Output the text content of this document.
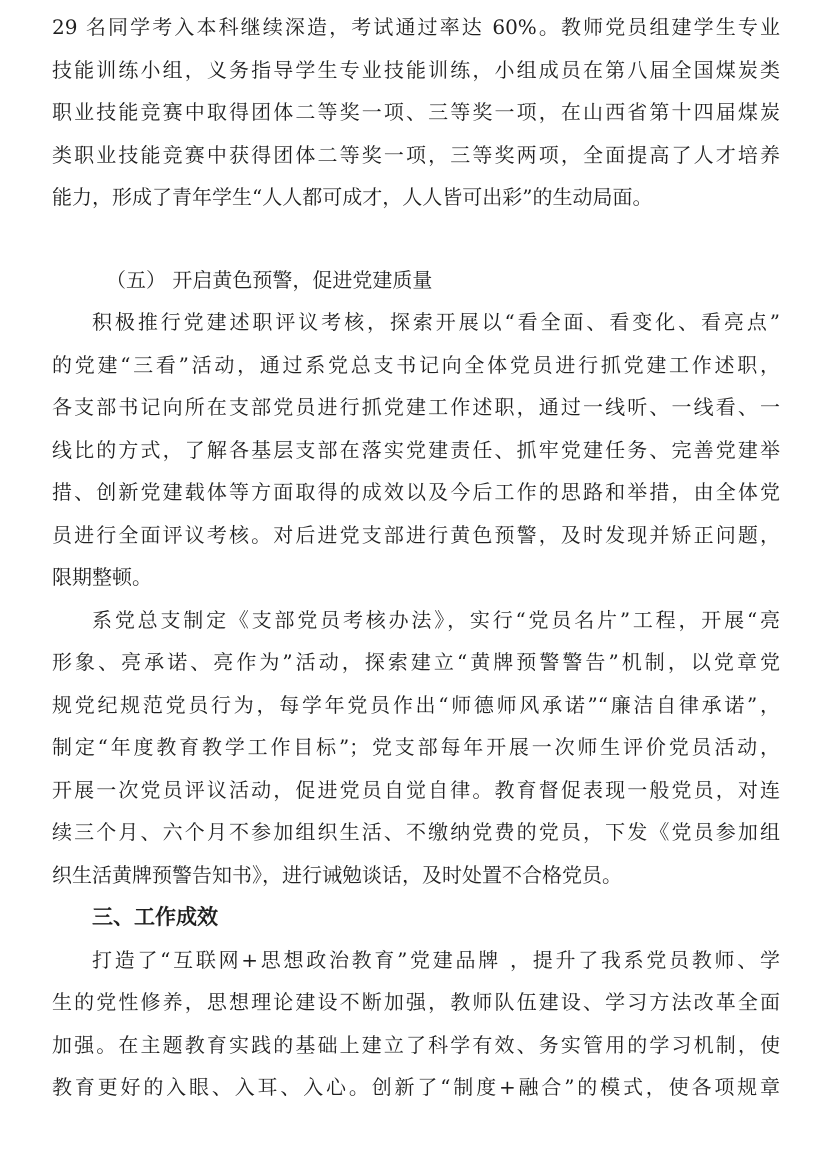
29 名同学考入本科继续深造，考试通过率达 60%。教师党员组建学生专业
技能训练小组，义务指导学生专业技能训练，小组成员在第八届全国煤炭类
职业技能竞赛中取得团体二等奖一项、三等奖一项，在山西省第十四届煤炭
类职业技能竞赛中获得团体二等奖一项，三等奖两项，全面提高了人才培养
能力，形成了青年学生“人人都可成才，人人皆可出彩”的生动局面。
（五） 开启黄色预警，促进党建质量
积极推行党建述职评议考核，探索开展以“看全面、看变化、看亮点”
的党建“三看”活动，通过系党总支书记向全体党员进行抓党建工作述职，
各支部书记向所在支部党员进行抓党建工作述职，通过一线听、一线看、一
线比的方式，了解各基层支部在落实党建责任、抓牢党建任务、完善党建举
措、创新党建载体等方面取得的成效以及今后工作的思路和举措，由全体党
员进行全面评议考核。对后进党支部进行黄色预警，及时发现并矫正问题，
限期整顿。
系党总支制定《支部党员考核办法》，实行“党员名片”工程，开展“亮
形象、亮承诺、亮作为”活动，探索建立“黄牌预警警告”机制，以党章党
规党纪规范党员行为，每学年党员作出“师德师风承诺”“廉洁自律承诺”，
制定“年度教育教学工作目标”；党支部每年开展一次师生评价党员活动，
开展一次党员评议活动，促进党员自觉自律。教育督促表现一般党员，对连
续三个月、六个月不参加组织生活、不缴纳党费的党员，下发《党员参加组
织生活黄牌预警告知书》，进行诫勉谈话，及时处置不合格党员。
三、工作成效
打造了“互联网+思想政治教育”党建品牌 ，提升了我系党员教师、学
生的党性修养，思想理论建设不断加强，教师队伍建设、学习方法改革全面
加强。在主题教育实践的基础上建立了科学有效、务实管用的学习机制，使
教育更好的入眼、入耳、入心。创新了“制度+融合”的模式，使各项规章
